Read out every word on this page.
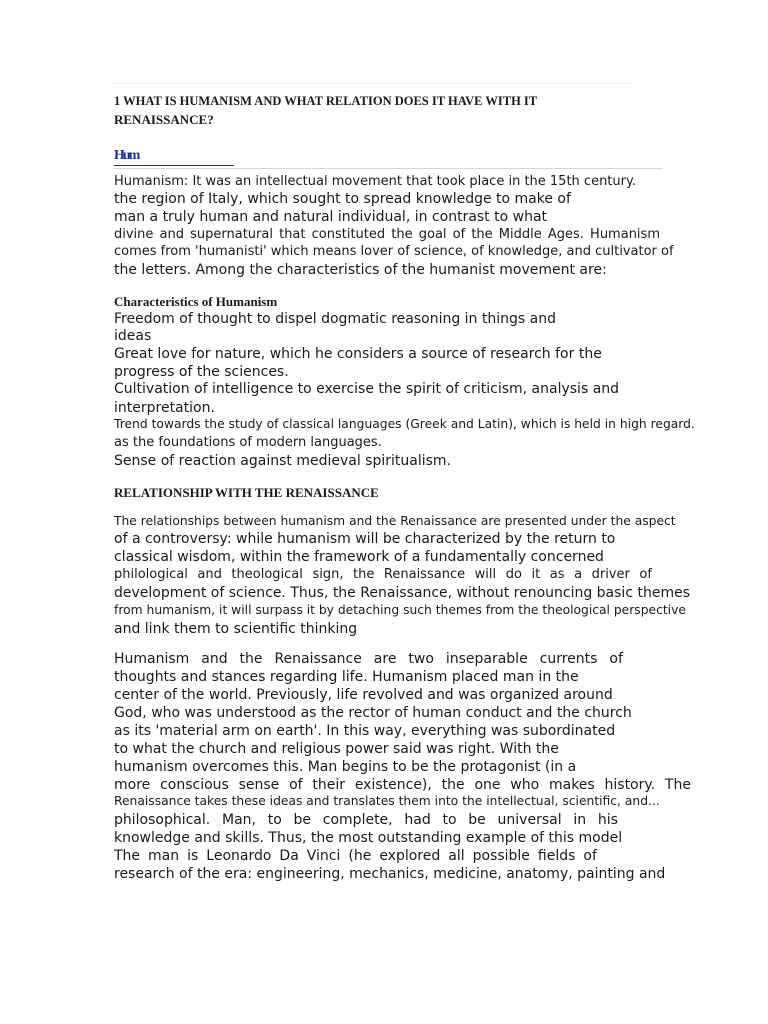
1 WHAT IS HUMANISM AND WHAT RELATION DOES IT HAVE WITH IT
RENAISSANCE?
Hum
Humanism: It was an intellectual movement that took place in the 15th century.
the region of Italy, which sought to spread knowledge to make of
man a truly human and natural individual, in contrast to what
divine and supernatural that constituted the goal of the Middle Ages. Humanism
comes from 'humanisti' which means lover of science, of knowledge, and cultivator of
the letters. Among the characteristics of the humanist movement are:
Characteristics of Humanism
Freedom of thought to dispel dogmatic reasoning in things and
ideas
Great love for nature, which he considers a source of research for the
progress of the sciences.
Cultivation of intelligence to exercise the spirit of criticism, analysis and
interpretation.
Trend towards the study of classical languages (Greek and Latin), which is held in high regard.
as the foundations of modern languages.
Sense of reaction against medieval spiritualism.
RELATIONSHIP WITH THE RENAISSANCE
The relationships between humanism and the Renaissance are presented under the aspect
of a controversy: while humanism will be characterized by the return to
classical wisdom, within the framework of a fundamentally concerned
philological and theological sign, the Renaissance will do it as a driver of
development of science. Thus, the Renaissance, without renouncing basic themes
from humanism, it will surpass it by detaching such themes from the theological perspective
and link them to scientific thinking
Humanism and the Renaissance are two inseparable currents of
thoughts and stances regarding life. Humanism placed man in the
center of the world. Previously, life revolved and was organized around
God, who was understood as the rector of human conduct and the church
as its 'material arm on earth'. In this way, everything was subordinated
to what the church and religious power said was right. With the
humanism overcomes this. Man begins to be the protagonist (in a
more conscious sense of their existence), the one who makes history. The
Renaissance takes these ideas and translates them into the intellectual, scientific, and...
philosophical. Man, to be complete, had to be universal in his
knowledge and skills. Thus, the most outstanding example of this model
The man is Leonardo Da Vinci (he explored all possible fields of
research of the era: engineering, mechanics, medicine, anatomy, painting and
